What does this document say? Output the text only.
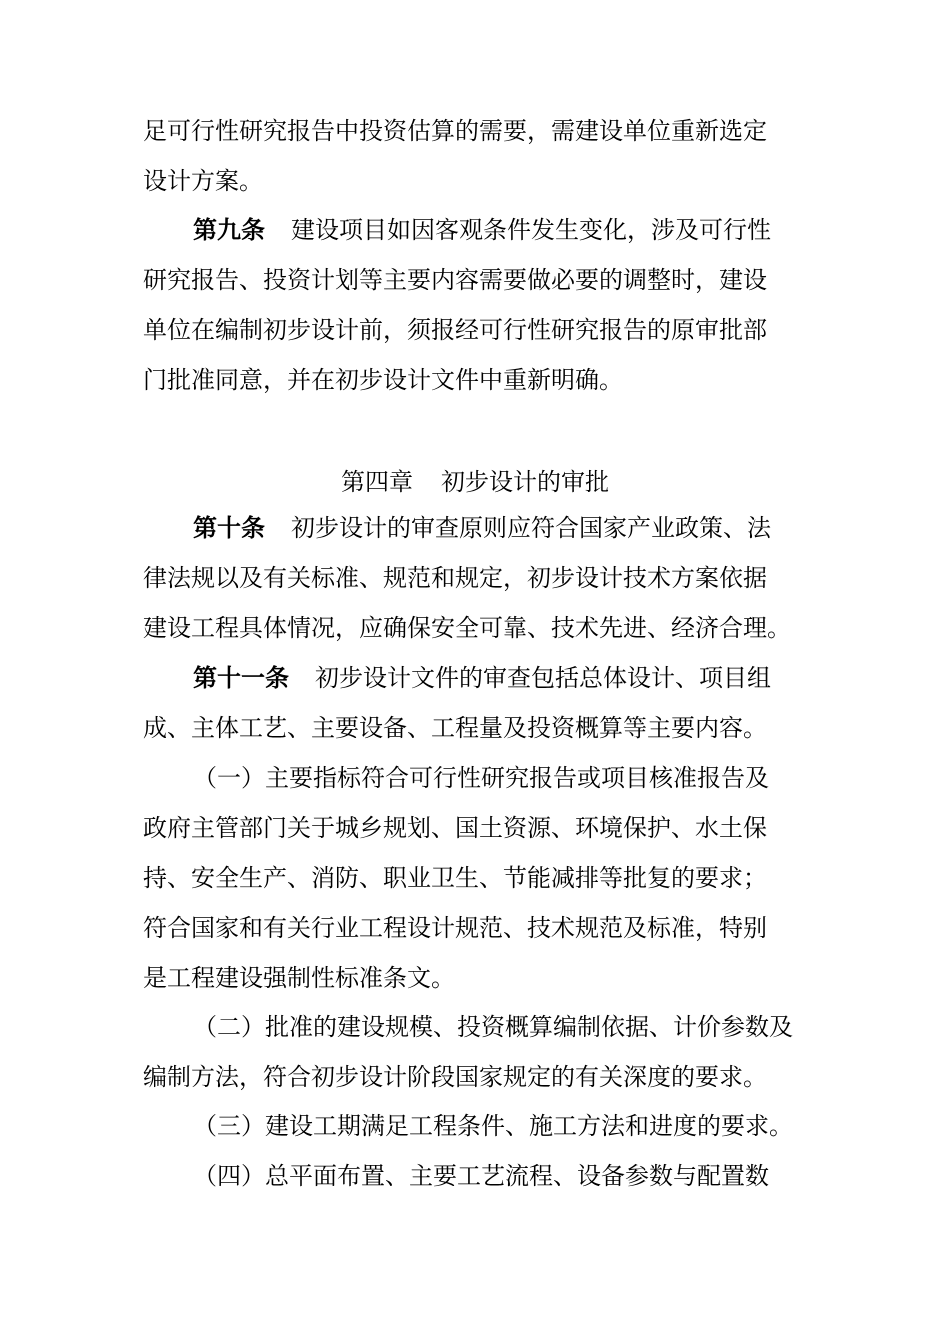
足可行性研究报告中投资估算的需要，需建设单位重新选定
设计方案。
第九条 建设项目如因客观条件发生变化，涉及可行性
研究报告、投资计划等主要内容需要做必要的调整时，建设
单位在编制初步设计前，须报经可行性研究报告的原审批部
门批准同意，并在初步设计文件中重新明确。
第四章 初步设计的审批
第十条 初步设计的审查原则应符合国家产业政策、法
律法规以及有关标准、规范和规定，初步设计技术方案依据
建设工程具体情况，应确保安全可靠、技术先进、经济合理。
第十一条 初步设计文件的审查包括总体设计、项目组
成、主体工艺、主要设备、工程量及投资概算等主要内容。
（一）主要指标符合可行性研究报告或项目核准报告及
政府主管部门关于城乡规划、国土资源、环境保护、水土保
持、安全生产、消防、职业卫生、节能减排等批复的要求；
符合国家和有关行业工程设计规范、技术规范及标准，特别
是工程建设强制性标准条文。
（二）批准的建设规模、投资概算编制依据、计价参数及
编制方法，符合初步设计阶段国家规定的有关深度的要求。
（三）建设工期满足工程条件、施工方法和进度的要求。
（四）总平面布置、主要工艺流程、设备参数与配置数
